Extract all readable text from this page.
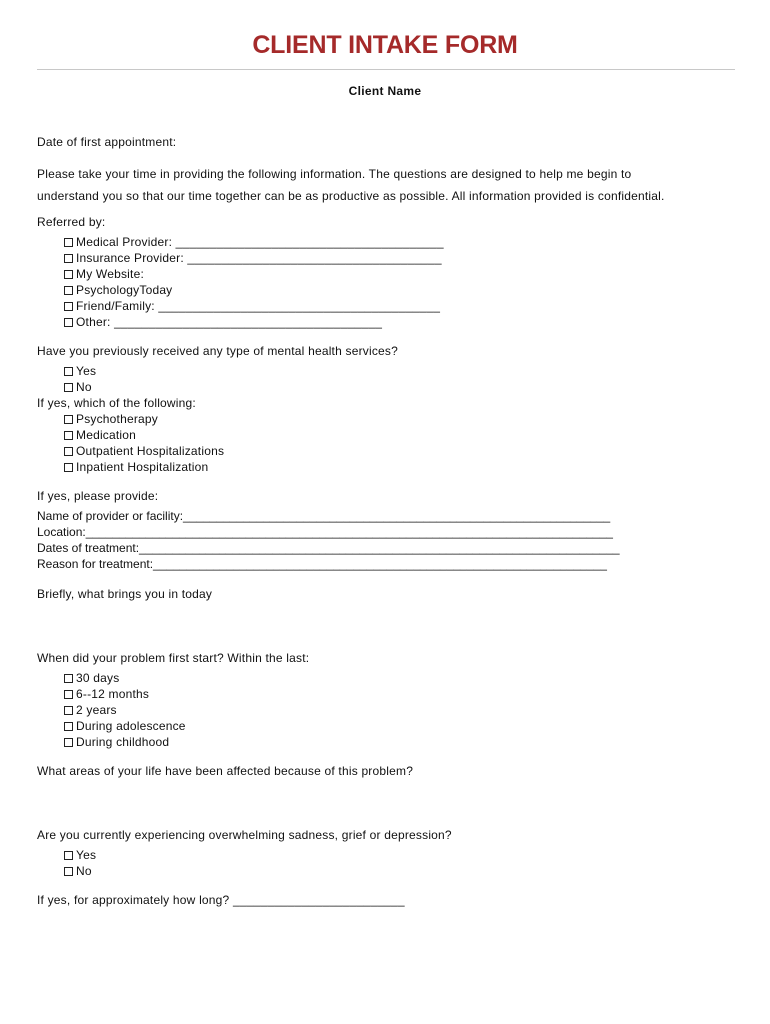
CLIENT INTAKE FORM
Client Name
Date of first appointment:
Please take your time in providing the following information. The questions are designed to help me begin to
understand you so that our time together can be as productive as possible. All information provided is confidential.
Referred by:
Medical Provider: _______________________________________
Insurance Provider: _____________________________________
My Website:
PsychologyToday
Friend/Family: _________________________________________
Other: _______________________________________
Have you previously received any type of mental health services?
Yes
No
If yes, which of the following:
Psychotherapy
Medication
Outpatient Hospitalizations
Inpatient Hospitalization
If yes, please provide:
Name of provider or facility:________________________________________________________________
Location:_______________________________________________________________________________
Dates of treatment:________________________________________________________________________
Reason for treatment:____________________________________________________________________
Briefly, what brings you in today
When did your problem first start? Within the last:
30 days
6--12 months
2 years
During adolescence
During childhood
What areas of your life have been affected because of this problem?
Are you currently experiencing overwhelming sadness, grief or depression?
Yes
No
If yes, for approximately how long? _________________________
